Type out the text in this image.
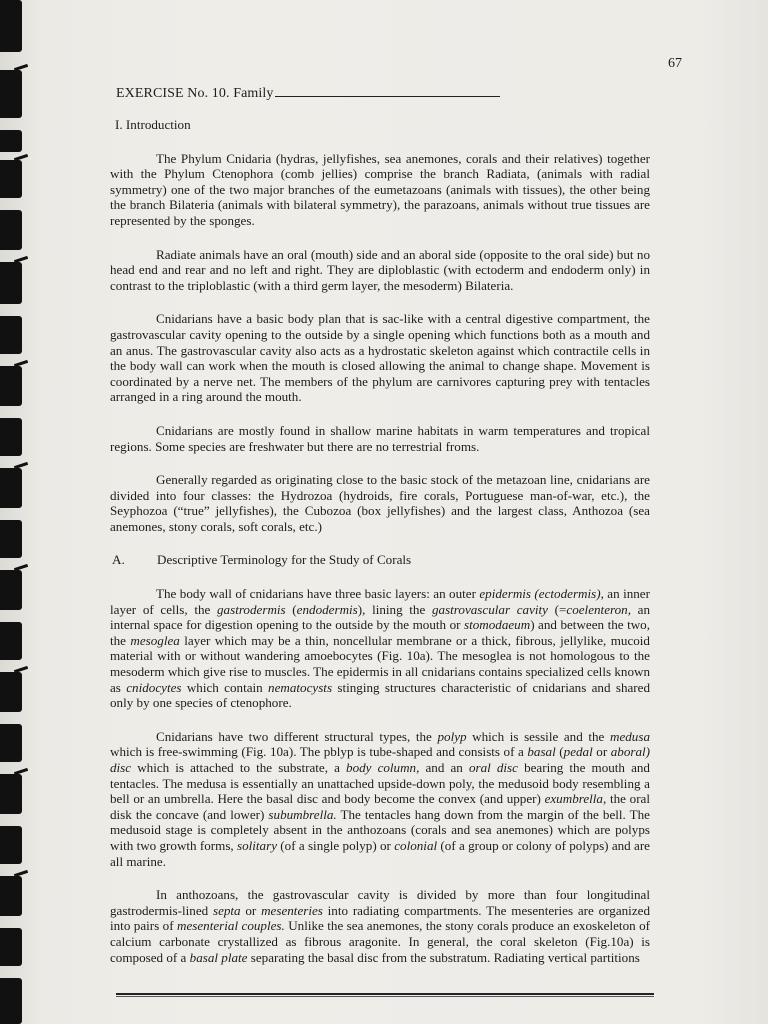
67
EXERCISE No. 10. Family
I. Introduction

The Phylum Cnidaria (hydras, jellyfishes, sea anemones, corals and their relatives) together with the Phylum Ctenophora (comb jellies) comprise the branch Radiata, (animals with radial symmetry) one of the two major branches of the eumetazoans (animals with tissues), the other being the branch Bilateria (animals with bilateral symmetry), the parazoans, animals without true tissues are represented by the sponges.

Radiate animals have an oral (mouth) side and an aboral side (opposite to the oral side) but no head end and rear and no left and right. They are diploblastic (with ectoderm and endoderm only) in contrast to the triploblastic (with a third germ layer, the mesoderm) Bilateria.

Cnidarians have a basic body plan that is sac-like with a central digestive compartment, the gastrovascular cavity opening to the outside by a single opening which functions both as a mouth and an anus. The gastrovascular cavity also acts as a hydrostatic skeleton against which contractile cells in the body wall can work when the mouth is closed allowing the animal to change shape. Movement is coordinated by a nerve net. The members of the phylum are carnivores capturing prey with tentacles arranged in a ring around the mouth.

Cnidarians are mostly found in shallow marine habitats in warm temperatures and tropical regions. Some species are freshwater but there are no terrestrial froms.

Generally regarded as originating close to the basic stock of the metazoan line, cnidarians are divided into four classes: the Hydrozoa (hydroids, fire corals, Portuguese man-of-war, etc.), the Seyphozoa (“true” jellyfishes), the Cubozoa (box jellyfishes) and the largest class, Anthozoa (sea anemones, stony corals, soft corals, etc.)

A.	Descriptive Terminology for the Study of Corals

The body wall of cnidarians have three basic layers: an outer epidermis (ectodermis), an inner layer of cells, the gastrodermis (endodermis), lining the gastrovascular cavity (=coelenteron, an internal space for digestion opening to the outside by the mouth or stomodaeum) and between the two, the mesoglea layer which may be a thin, noncellular membrane or a thick, fibrous, jellylike, mucoid material with or without wandering amoebocytes (Fig. 10a). The mesoglea is not homologous to the mesoderm which give rise to muscles. The epidermis in all cnidarians contains specialized cells known as cnidocytes which contain nematocysts stinging structures characteristic of cnidarians and shared only by one species of ctenophore.

Cnidarians have two different structural types, the polyp which is sessile and the medusa which is free-swimming (Fig. 10a). The pblyp is tube-shaped and consists of a basal (pedal or aboral) disc which is attached to the substrate, a body column, and an oral disc bearing the mouth and tentacles. The medusa is essentially an unattached upside-down poly, the medusoid body resembling a bell or an umbrella. Here the basal disc and body become the convex (and upper) exumbrella, the oral disk the concave (and lower) subumbrella. The tentacles hang down from the margin of the bell. The medusoid stage is completely absent in the anthozoans (corals and sea anemones) which are polyps with two growth forms, solitary (of a single polyp) or colonial (of a group or colony of polyps) and are all marine.

In anthozoans, the gastrovascular cavity is divided by more than four longitudinal gastrodermis-lined septa or mesenteries into radiating compartments. The mesenteries are organized into pairs of mesenterial couples. Unlike the sea anemones, the stony corals produce an exoskeleton of calcium carbonate crystallized as fibrous aragonite. In general, the coral skeleton (Fig.10a) is composed of a basal plate separating the basal disc from the substratum. Radiating vertical partitions
